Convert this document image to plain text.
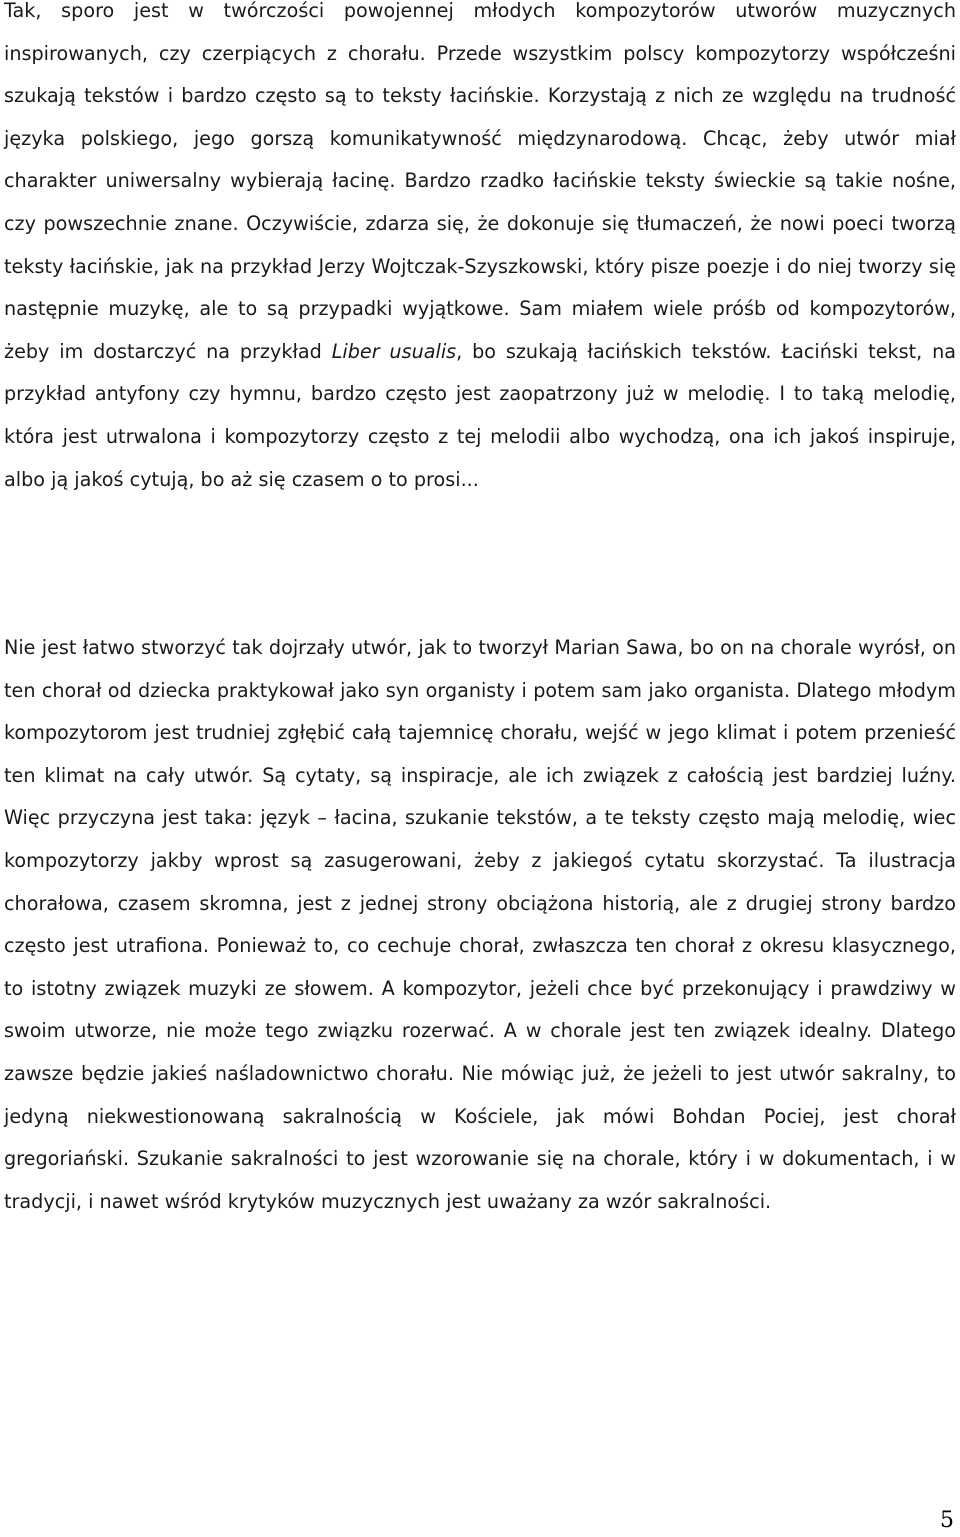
Tak, sporo jest w twórczości powojennej młodych kompozytorów utworów muzycznych inspirowanych, czy czerpiących z chorału. Przede wszystkim polscy kompozytorzy współcześni szukają tekstów i bardzo często są to teksty łacińskie. Korzystają z nich ze względu na trudność języka polskiego, jego gorszą komunikatywność międzynarodową. Chcąc, żeby utwór miał charakter uniwersalny wybierają łacinę. Bardzo rzadko łacińskie teksty świeckie są takie nośne, czy powszechnie znane. Oczywiście, zdarza się, że dokonuje się tłumaczeń, że nowi poeci tworzą teksty łacińskie, jak na przykład Jerzy Wojtczak-Szyszkowski, który pisze poezje i do niej tworzy się następnie muzykę, ale to są przypadki wyjątkowe. Sam miałem wiele próśb od kompozytorów, żeby im dostarczyć na przykład Liber usualis, bo szukają łacińskich tekstów. Łaciński tekst, na przykład antyfony czy hymnu, bardzo często jest zaopatrzony już w melodię. I to taką melodię, która jest utrwalona i kompozytorzy często z tej melodii albo wychodzą, ona ich jakoś inspiruje, albo ją jakoś cytują, bo aż się czasem o to prosi...

Nie jest łatwo stworzyć tak dojrzały utwór, jak to tworzył Marian Sawa, bo on na chorale wyrósł, on ten chorał od dziecka praktykował jako syn organisty i potem sam jako organista. Dlatego młodym kompozytorom jest trudniej zgłębić całą tajemnicę chorału, wejść w jego klimat i potem przenieść ten klimat na cały utwór. Są cytaty, są inspiracje, ale ich związek z całością jest bardziej luźny. Więc przyczyna jest taka: język – łacina, szukanie tekstów, a te teksty często mają melodię, wiec kompozytorzy jakby wprost są zasugerowani, żeby z jakiegoś cytatu skorzystać. Ta ilustracja chorałowa, czasem skromna, jest z jednej strony obciążona historią, ale z drugiej strony bardzo często jest utrafiona. Ponieważ to, co cechuje chorał, zwłaszcza ten chorał z okresu klasycznego, to istotny związek muzyki ze słowem. A kompozytor, jeżeli chce być przekonujący i prawdziwy w swoim utworze, nie może tego związku rozerwać. A w chorale jest ten związek idealny. Dlatego zawsze będzie jakieś naśladownictwo chorału. Nie mówiąc już, że jeżeli to jest utwór sakralny, to jedyną niekwestionowaną sakralnością w Kościele, jak mówi Bohdan Pociej, jest chorał gregoriański. Szukanie sakralności to jest wzorowanie się na chorale, który i w dokumentach, i w tradycji, i nawet wśród krytyków muzycznych jest uważany za wzór sakralności.

5
